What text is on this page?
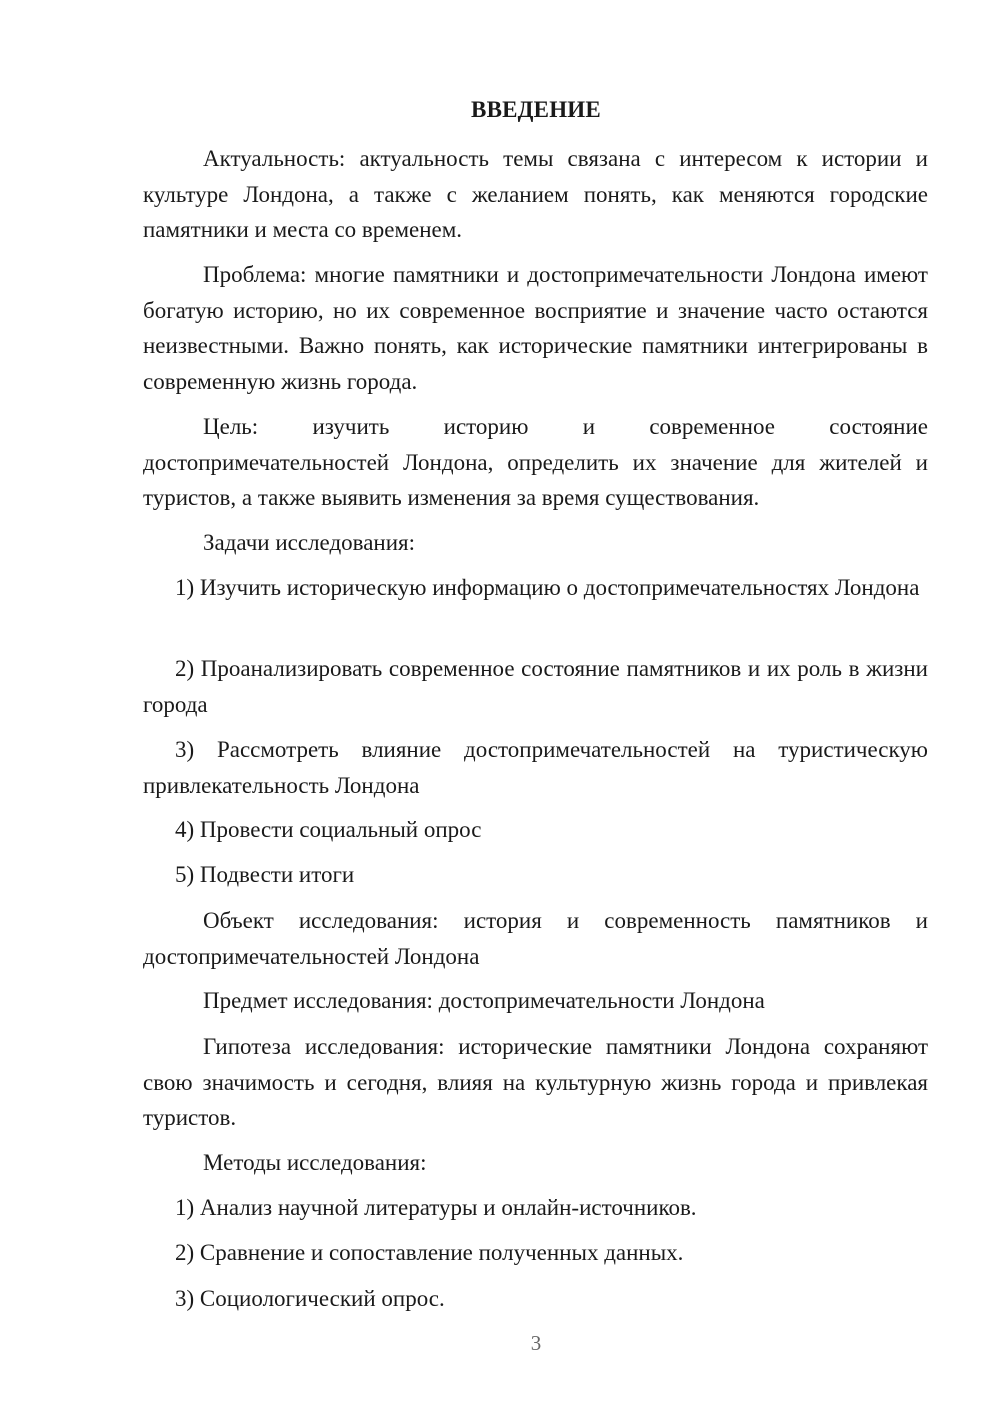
ВВЕДЕНИЕ

Актуальность: актуальность темы связана с интересом к истории и культуре Лондона, а также с желанием понять, как меняются городские памятники и места со временем.

Проблема: многие памятники и достопримечательности Лондона имеют богатую историю, но их современное восприятие и значение часто остаются неизвестными. Важно понять, как исторические памятники интегрированы в современную жизнь города.

Цель: изучить историю и современное состояние достопримечательностей Лондона, определить их значение для жителей и туристов, а также выявить изменения за время существования.

Задачи исследования:

1) Изучить историческую информацию о достопримечательностях Лондона

2) Проанализировать современное состояние памятников и их роль в жизни города

3) Рассмотреть влияние достопримечательностей на туристическую привлекательность Лондона

4) Провести социальный опрос

5) Подвести итоги

Объект исследования: история и современность памятников и достопримечательностей Лондона

Предмет исследования: достопримечательности Лондона

Гипотеза исследования: исторические памятники Лондона сохраняют свою значимость и сегодня, влияя на культурную жизнь города и привлекая туристов.

Методы исследования:

1) Анализ научной литературы и онлайн-источников.

2) Сравнение и сопоставление полученных данных.

3) Социологический опрос.

3
